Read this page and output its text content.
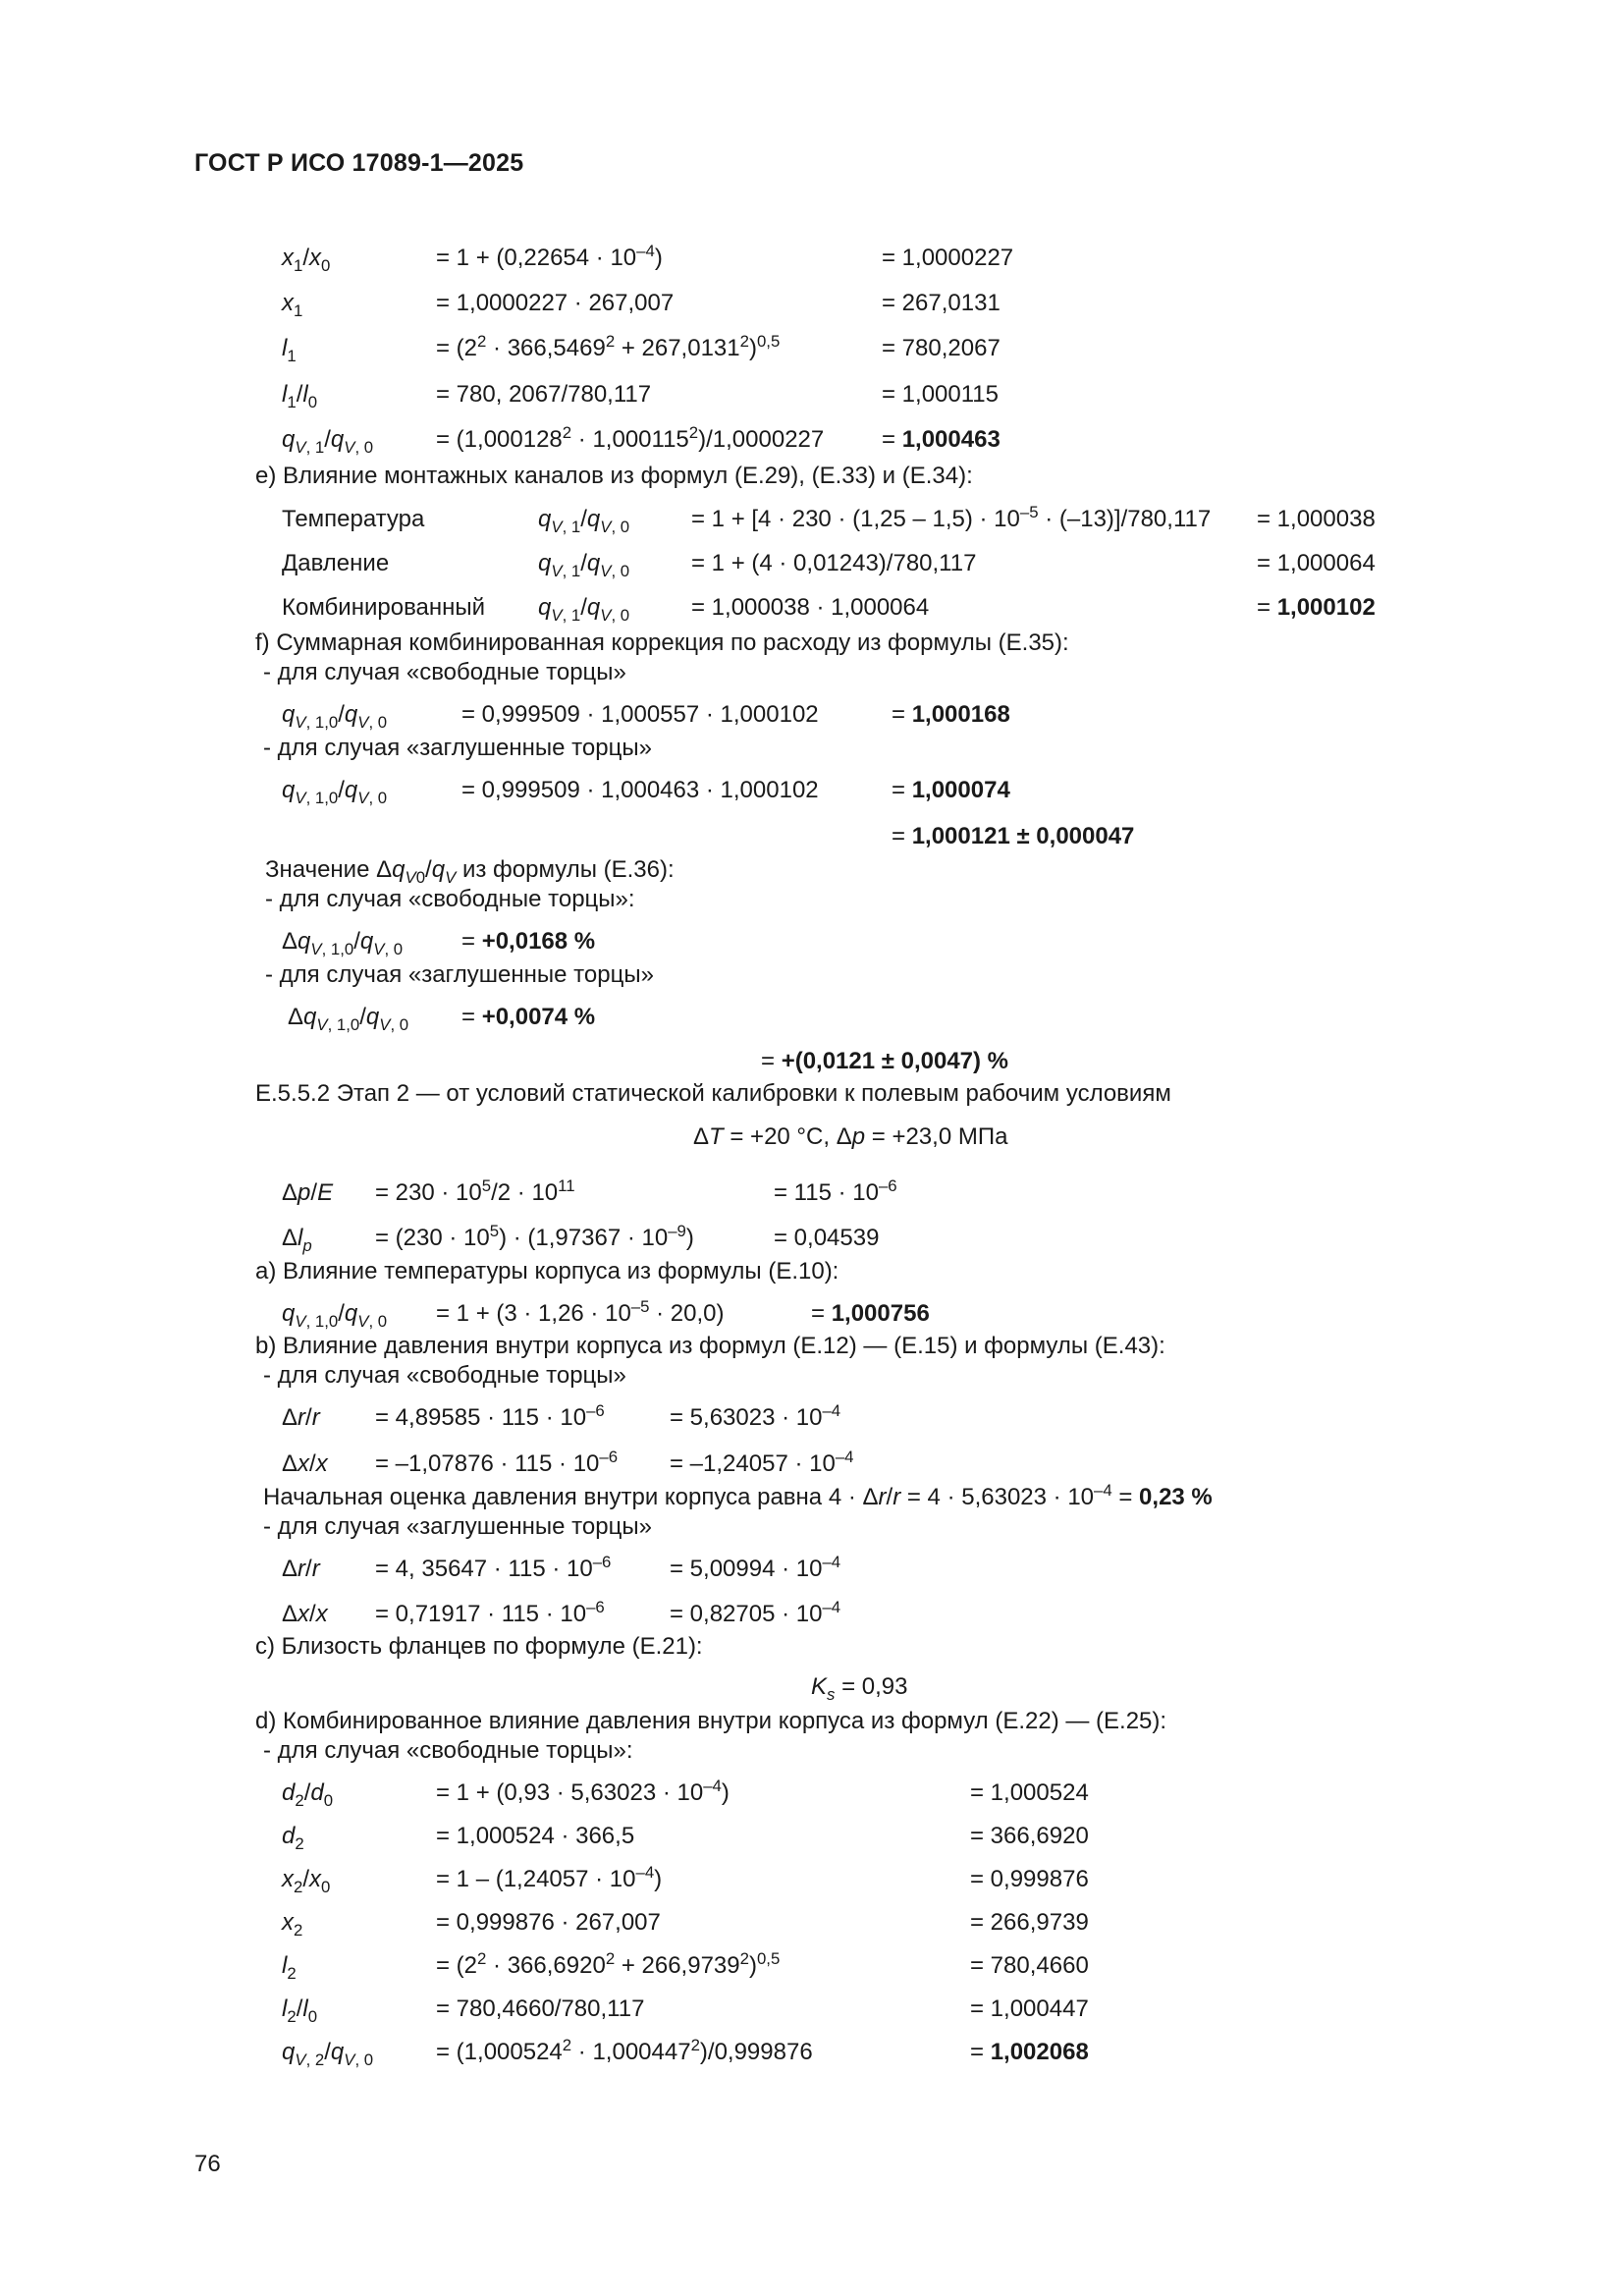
ГОСТ Р ИСО 17089-1—2025
$x_1/x_0$	= $1 + (0,22654 \cdot 10^{-4})$	= 1,0000227
$x_1$	= 1,0000227 · 267,007	= 267,0131
$l_1$	= $(2^2 \cdot 366,5469^2 + 267,0131^2)^{0,5}$	= 780,2067
$l_1/l_0$	= 780, 2067/780,117	= 1,000115
$q_{V, 1}/q_{V, 0}$	= $(1,000128^2 \cdot 1,000115^2)/1,0000227 = 1,000463$
e) Влияние монтажных каналов из формул (Е.29), (Е.33) и (Е.34):
Температура	$q_{V, 1}/q_{V, 0}$	= $1 + [4 \cdot 230 \cdot (1,25 - 1,5) \cdot 10^{-5} \cdot (-13)]/780,117 = 1,000038$
Давление	$q_{V, 1}/q_{V, 0}$	= 1 + (4 · 0,01243)/780,117	= 1,000064
Комбинированный $q_{V, 1}/q_{V, 0}$	= 1,000038 · 1,000064	= 1,000102
f) Суммарная комбинированная коррекция по расходу из формулы (Е.35):
- для случая «свободные торцы»
$q_{V, 1,0}/q_{V, 0}$	= 0,999509 · 1,000557 · 1,000102	= 1,000168
- для случая «заглушенные торцы»
$q_{V, 1,0}/q_{V, 0}$	= 0,999509 · 1,000463 · 1,000102	= 1,000074
= 1,000121 ± 0,000047
Значение $\Delta q_{V0}/q_V$ из формулы (Е.36):
- для случая «свободные торцы»:
$\Delta q_{V, 1,0}/q_{V, 0} = +0,0168$ %
- для случая «заглушенные торцы»
$\Delta q_{V, 1,0}/q_{V, 0} = +0,0074$ %
= +(0,0121 ± 0,0047) %
Е.5.5.2 Этап 2 — от условий статической калибровки к полевым рабочим условиям
ΔT = +20 °С, Δp = +23,0 МПа
$\Delta p/E = 230 \cdot 10^5/2 \cdot 10^{11}$	= $115 \cdot 10^{-6}$
$\Delta l_p$	= $(230 \cdot 10^5) \cdot (1,97367 \cdot 10^{-9})$	= 0,04539
а) Влияние температуры корпуса из формулы (Е.10):
$q_{V, 1,0}/q_{V, 0} = 1 + (3 \cdot 1,26 \cdot 10^{-5} \cdot 20,0)$	= 1,000756
b) Влияние давления внутри корпуса из формул (Е.12) — (Е.15) и формулы (Е.43):
- для случая «свободные торцы»
$\Delta r/r = 4,89585 \cdot 115 \cdot 10^{-6}$	= $5,63023 \cdot 10^{-4}$
$\Delta x/x = -1,07876 \cdot 115 \cdot 10^{-6} = -1,24057 \cdot 10^{-4}$
Начальная оценка давления внутри корпуса равна $4 \cdot \Delta r/r = 4 \cdot 5,63023 \cdot 10^{-4} = 0,23$ %
- для случая «заглушенные торцы»
Δr/r = 4, $35647 \cdot 115 \cdot 10^{-6} = 5,00994 \cdot 10^{-4}$
$\Delta x/x = 0,71917 \cdot 115 \cdot 10^{-6}$	= $0,82705 \cdot 10^{-4}$
с) Близость фланцев по формуле (Е.21):
$K_s = 0,93$
d) Комбинированное влияние давления внутри корпуса из формул (Е.22) — (Е.25):
- для случая «свободные торцы»:
$d_2/d_0$	= $1 + (0,93 \cdot 5,63023 \cdot 10^{-4})$	= 1,000524
$d_2$	= 1,000524 · 366,5	= 366,6920
$x_2/x_0$	= $1 - (1,24057 \cdot 10^{-4})$	= 0,999876
$x_2$	= 0,999876 · 267,007	= 266,9739
$l_2$	= $(2^2 \cdot 366,6920^2 + 266,9739^2)^{0,5}$	= 780,4660
$l_2/l_0$	= 780,4660/780,117	= 1,000447
$q_{V, 2}/q_{V, 0}$	= $(1,000524^2 \cdot 1,000447^2)/0,999876$	= 1,002068
76
